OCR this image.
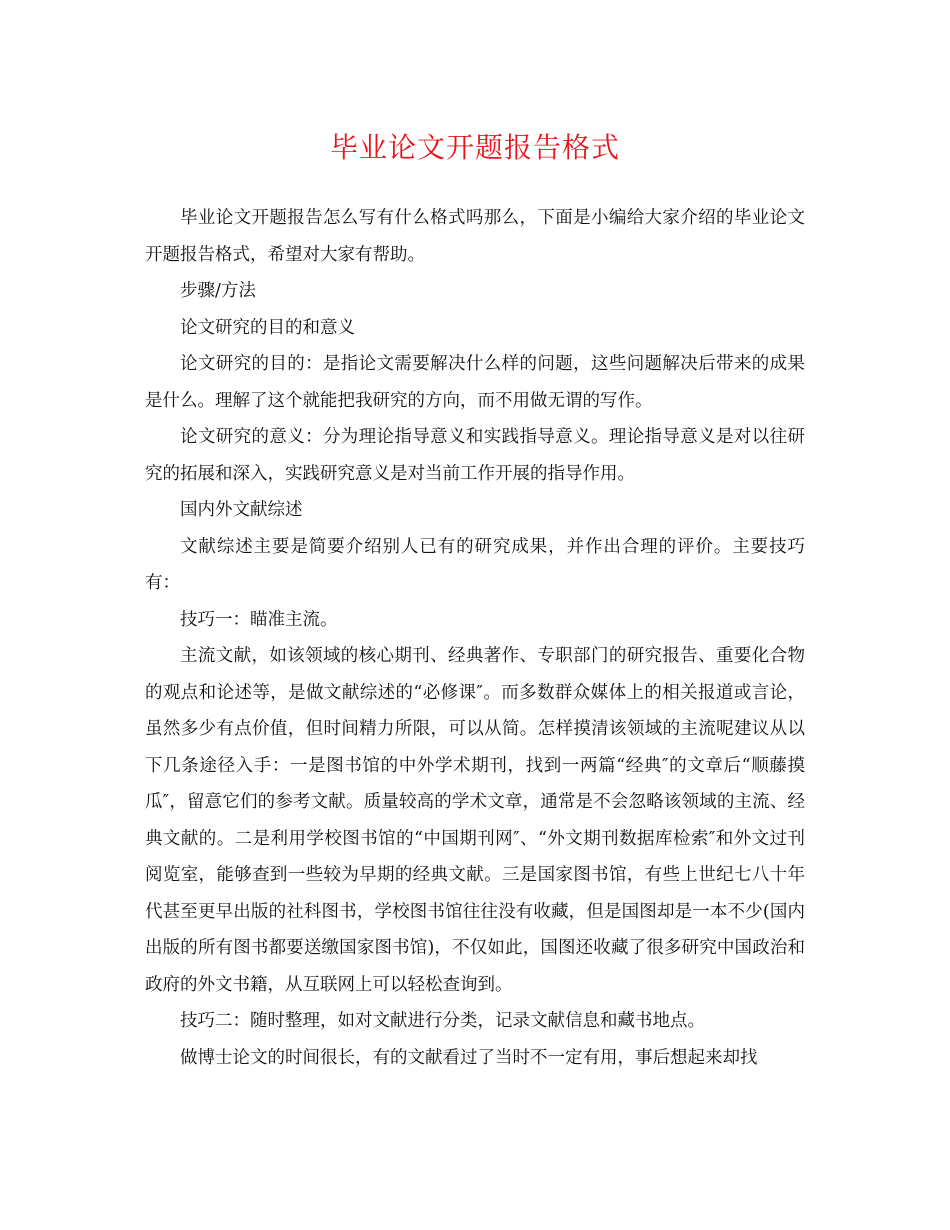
毕业论文开题报告格式

毕业论文开题报告怎么写有什么格式吗那么，下面是小编给大家介绍的毕业论文开题报告格式，希望对大家有帮助。

步骤/方法

论文研究的目的和意义

论文研究的目的：是指论文需要解决什么样的问题，这些问题解决后带来的成果是什么。理解了这个就能把我研究的方向，而不用做无谓的写作。

论文研究的意义：分为理论指导意义和实践指导意义。理论指导意义是对以往研究的拓展和深入，实践研究意义是对当前工作开展的指导作用。

国内外文献综述

文献综述主要是简要介绍别人已有的研究成果，并作出合理的评价。主要技巧有：

技巧一：瞄准主流。

主流文献，如该领域的核心期刊、经典著作、专职部门的研究报告、重要化合物的观点和论述等，是做文献综述的“必修课″。而多数群众媒体上的相关报道或言论，虽然多少有点价值，但时间精力所限，可以从简。怎样摸清该领域的主流呢建议从以下几条途径入手：一是图书馆的中外学术期刊，找到一两篇“经典″的文章后“顺藤摸瓜″，留意它们的参考文献。质量较高的学术文章，通常是不会忽略该领域的主流、经典文献的。二是利用学校图书馆的“中国期刊网″、“外文期刊数据库检索″和外文过刊阅览室，能够查到一些较为早期的经典文献。三是国家图书馆，有些上世纪七八十年代甚至更早出版的社科图书，学校图书馆往往没有收藏，但是国图却是一本不少(国内出版的所有图书都要送缴国家图书馆)，不仅如此，国图还收藏了很多研究中国政治和政府的外文书籍，从互联网上可以轻松查询到。

技巧二：随时整理，如对文献进行分类，记录文献信息和藏书地点。

做博士论文的时间很长，有的文献看过了当时不一定有用，事后想起来却找
